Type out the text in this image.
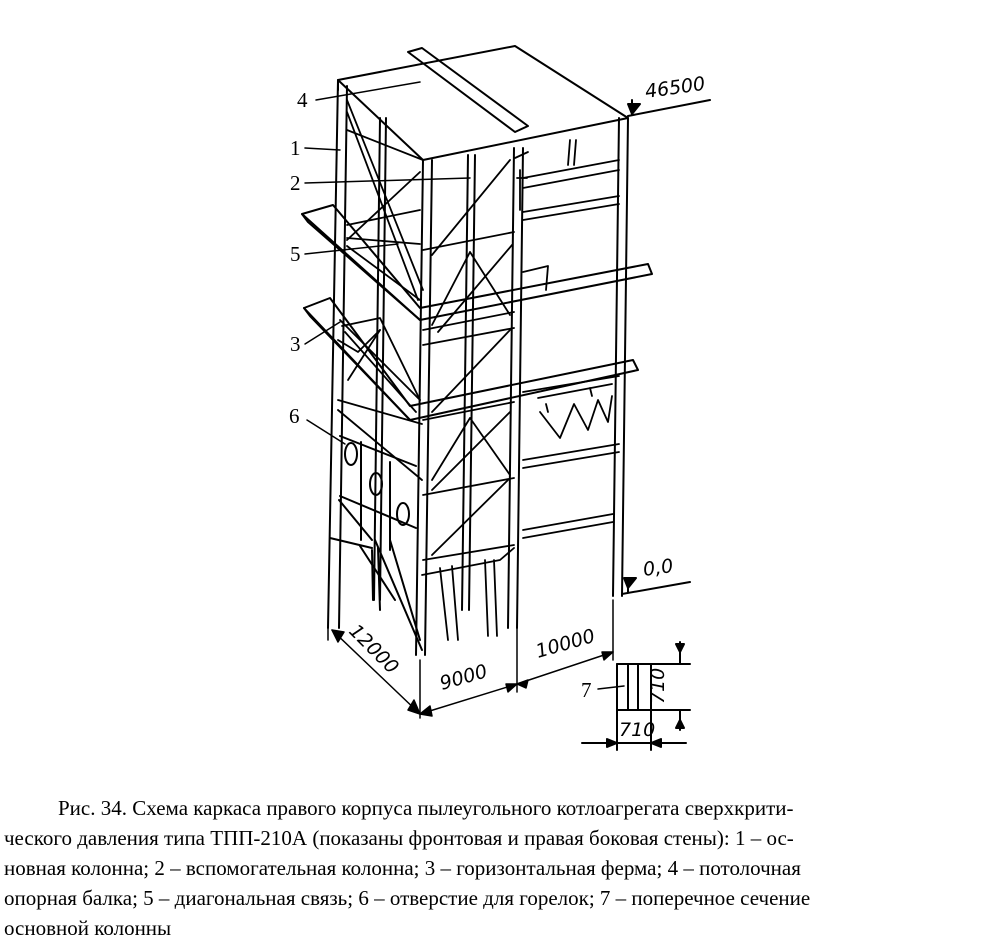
4
1
2
5
3
6
7
46500
0,0
12000 9000
10000
710
710
Рис. 34. Схема каркаса правого корпуса пылеугольного котлоагрегата сверхкрити-
ческого давления типа ТПП-210А (показаны фронтовая и правая боковая стены): 1 – ос-
новная колонна; 2 – вспомогательная колонна; 3 – горизонтальная ферма; 4 – потолочная
опорная балка; 5 – диагональная связь; 6 – отверстие для горелок; 7 – поперечное сечение
основной колонны
